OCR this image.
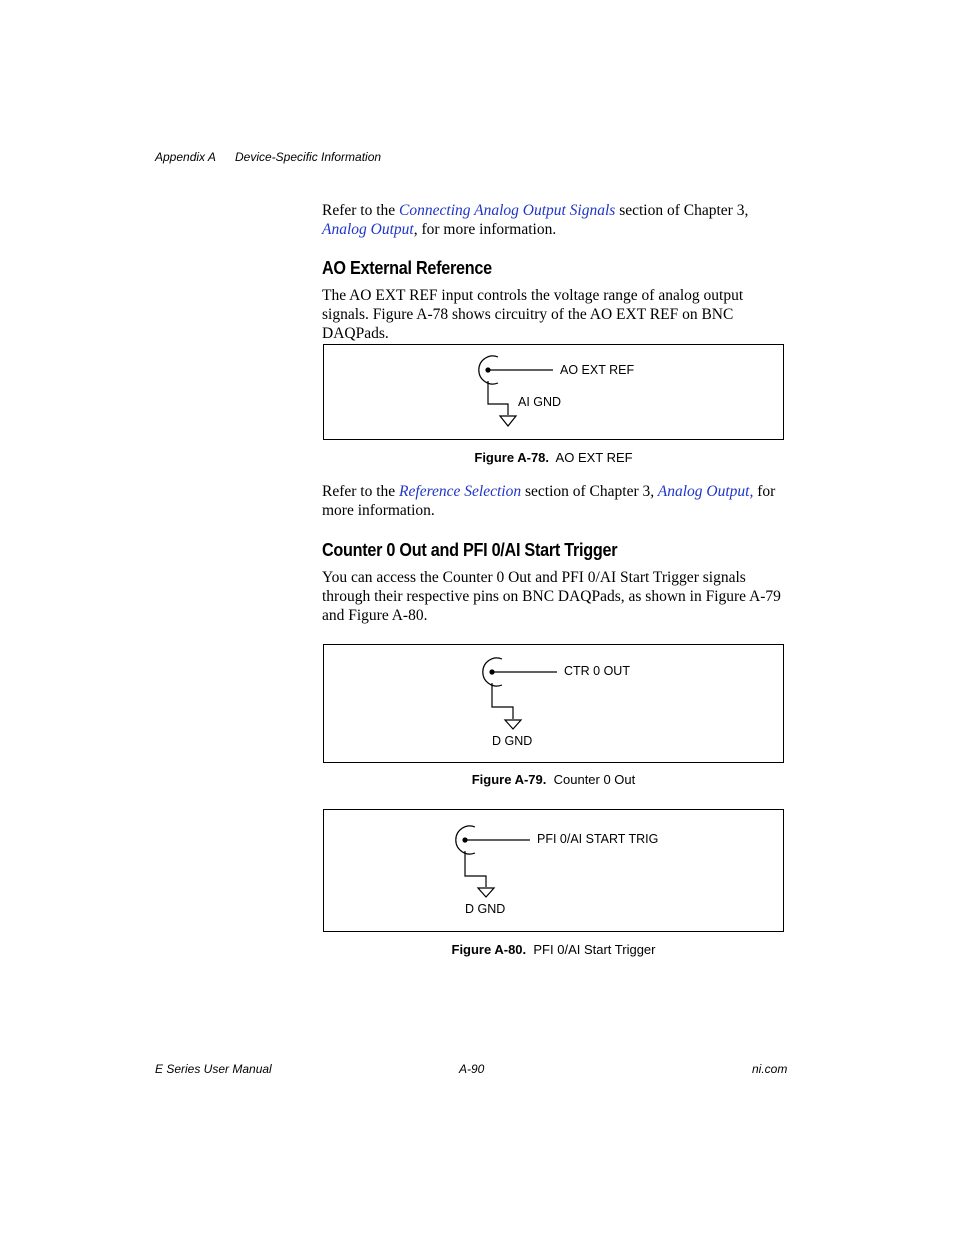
Appendix A Device-Specific Information
Refer to the Connecting Analog Output Signals section of Chapter 3, Analog Output, for more information.
AO External Reference
The AO EXT REF input controls the voltage range of analog output signals. Figure A-78 shows circuitry of the AO EXT REF on BNC DAQPads.
AO EXT REF
AI GND
Figure A-78. AO EXT REF
Refer to the Reference Selection section of Chapter 3, Analog Output, for more information.
Counter 0 Out and PFI 0/AI Start Trigger
You can access the Counter 0 Out and PFI 0/AI Start Trigger signals through their respective pins on BNC DAQPads, as shown in Figure A-79 and Figure A-80.
CTR 0 OUT
D GND
Figure A-79. Counter 0 Out
PFI 0/AI START TRIG
D GND
Figure A-80. PFI 0/AI Start Trigger
E Series User Manual	A-90	ni.com
